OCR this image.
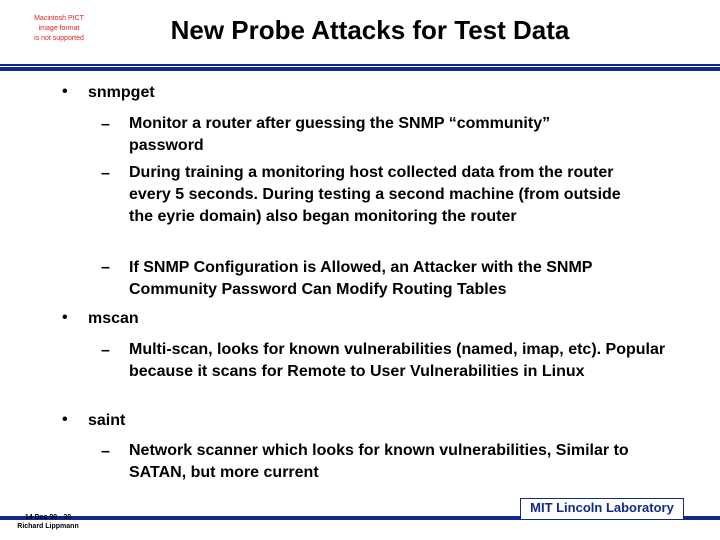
Macintosh PICT
image format
is not supported	New Probe Attacks for Test Data
• snmpget
– Monitor a router after guessing the SNMP “community” password
– During training a monitoring host collected data from the router every 5 seconds. During testing a second machine (from outside the eyrie domain) also began monitoring the router
– If SNMP Configuration is Allowed, an Attacker with the SNMP Community Password Can Modify Routing Tables
• mscan
– Multi-scan, looks for known vulnerabilities (named, imap, etc). Popular because it scans for Remote to User Vulnerabilities in Linux
• saint
– Network scanner which looks for known vulnerabilities, Similar to SATAN, but more current
14 Dec 99 - 30
Richard Lippmann
MIT Lincoln Laboratory
